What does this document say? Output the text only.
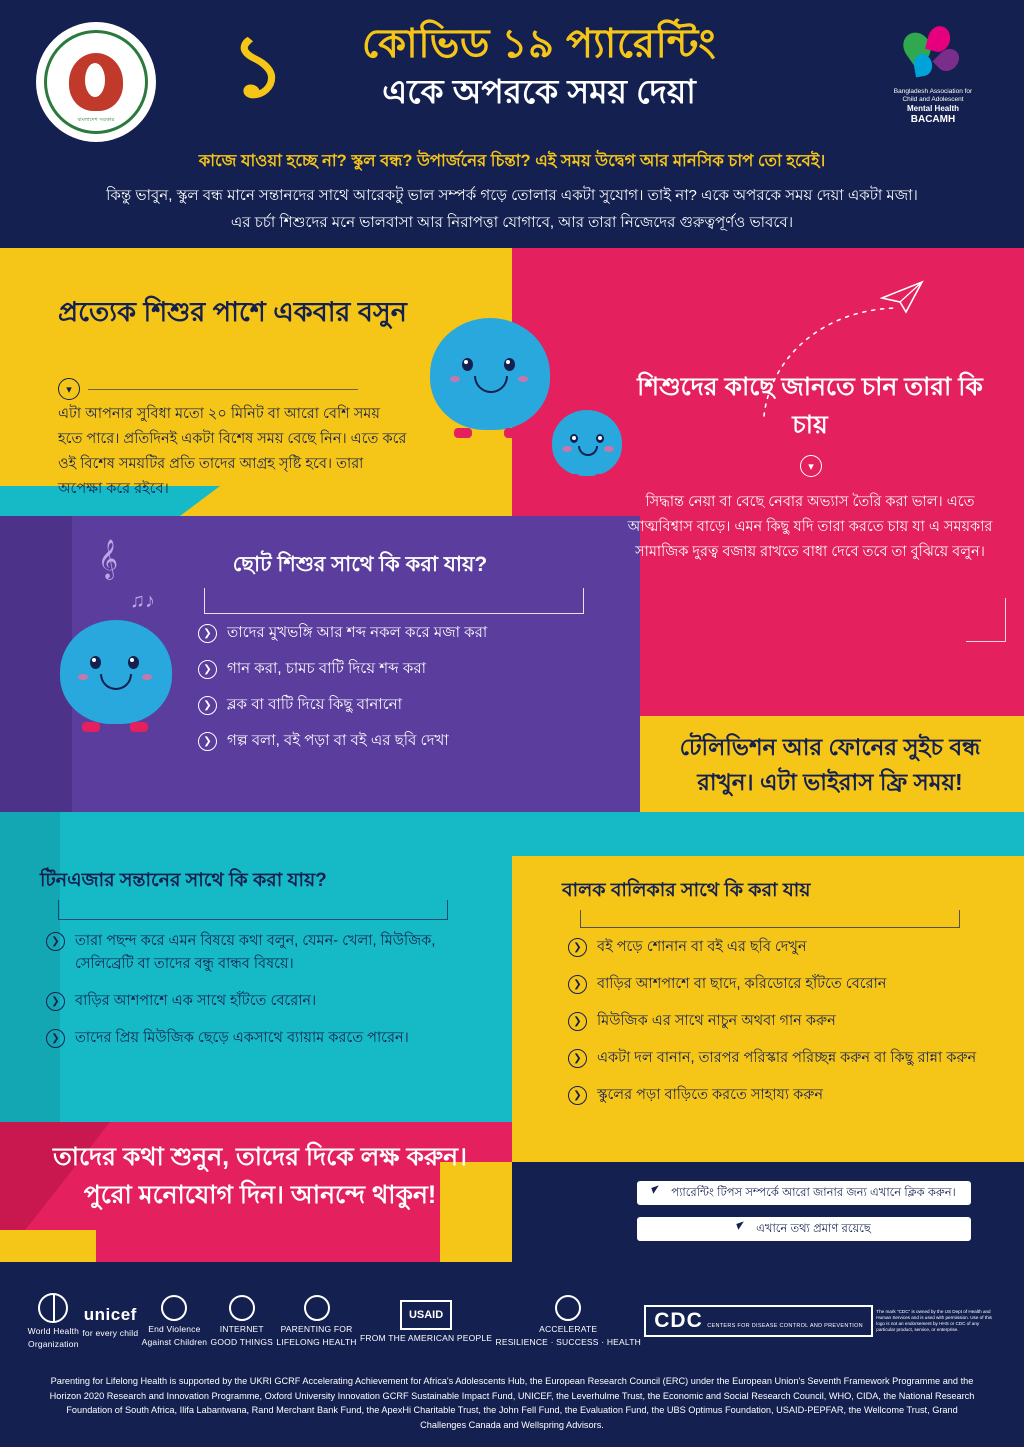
বাংলাদেশ সরকার
১	কোভিড ১৯ প্যারেন্টিং
একে অপরকে সময় দেয়া	Bangladesh Association for
Child and Adolescent
Mental Health
BACAMH
কাজে যাওয়া হচ্ছে না? স্কুল বন্ধ? উপার্জনের চিন্তা? এই সময় উদ্বেগ আর মানসিক চাপ তো হবেই।
কিন্তু ভাবুন, স্কুল বন্ধ মানে সন্তানদের সাথে আরেকটু ভাল সম্পর্ক গড়ে তোলার একটা সুযোগ। তাই না? একে অপরকে সময় দেয়া একটা মজা। এর চর্চা শিশুদের মনে ভালবাসা আর নিরাপত্তা যোগাবে, আর তারা নিজেদের গুরুত্বপূর্ণও ভাববে।
প্রত্যেক শিশুর পাশে একবার বসুন
▾
এটা আপনার সুবিধা মতো ২০ মিনিট বা আরো বেশি সময় হতে পারে। প্রতিদিনই একটা বিশেষ সময় বেছে নিন। এতে করে ওই বিশেষ সময়টির প্রতি তাদের আগ্রহ সৃষ্টি হবে। তারা অপেক্ষা করে রইবে।
শিশুদের কাছে জানতে চান তারা কি চায়
▾
সিদ্ধান্ত নেয়া বা বেছে নেবার অভ্যাস তৈরি করা ভাল। এতে আত্মবিশ্বাস বাড়ে। এমন কিছু যদি তারা করতে চায় যা এ সময়কার সামাজিক দুরত্ব বজায় রাখতে বাধা দেবে তবে তা বুঝিয়ে বলুন।
𝄞
♫♪
ছোট শিশুর সাথে কি করা যায়?
❯	তাদের মুখভঙ্গি আর শব্দ নকল করে মজা করা
❯	গান করা, চামচ বাটি দিয়ে শব্দ করা
❯	ব্লক বা বাটি দিয়ে কিছু বানানো
❯	গল্প বলা, বই পড়া বা বই এর ছবি দেখা
টিনএজার সন্তানের সাথে কি করা যায়?
❯	তারা পছন্দ করে এমন বিষয়ে কথা বলুন, যেমন- খেলা, মিউজিক, সেলিব্রেটি বা তাদের বন্ধু বান্ধব বিষয়ে।
❯	বাড়ির আশপাশে এক সাথে হাঁটতে বেরোন।
❯	তাদের প্রিয় মিউজিক ছেড়ে একসাথে ব্যায়াম করতে পারেন।
টেলিভিশন আর ফোনের সুইচ বন্ধ রাখুন। এটা ভাইরাস ফ্রি সময়!
বালক বালিকার সাথে কি করা যায়
❯	বই পড়ে শোনান বা বই এর ছবি দেখুন
❯	বাড়ির আশপাশে বা ছাদে, করিডোরে হাঁটতে বেরোন
❯	মিউজিক এর সাথে নাচুন অথবা গান করুন
❯	একটা দল বানান, তারপর পরিস্কার পরিচ্ছন্ন করুন বা কিছু রান্না করুন
❯	স্কুলের পড়া বাড়িতে করতে সাহায্য করুন
তাদের কথা শুনুন, তাদের দিকে লক্ষ করুন। পুরো মনোযোগ দিন। আনন্দে থাকুন!	প্যারেন্টিং টিপস সম্পর্কে আরো জানার জন্য এখানে ক্লিক করুন।
এখানে তথ্য প্রমাণ রয়েছে
World Health
Organization
unicef
for every child End Violence
Against Children
INTERNET
GOOD THINGS
PARENTING FOR
LIFELONG HEALTH
USAID
FROM THE AMERICAN PEOPLE
ACCELERATE
RESILIENCE · SUCCESS · HEALTH
CDC CENTERS FOR DISEASE CONTROL AND PREVENTION
The mark "CDC" is owned by the US Dept of Health and Human Services and is used with permission. Use of this logo is not an endorsement by HHS or CDC of any particular product, service, or enterprise.
Parenting for Lifelong Health is supported by the UKRI GCRF Accelerating Achievement for Africa's Adolescents Hub, the European Research Council (ERC) under the European Union's Seventh Framework Programme and the Horizon 2020 Research and Innovation Programme, Oxford University Innovation GCRF Sustainable Impact Fund, UNICEF, the Leverhulme Trust, the Economic and Social Research Council, WHO, CIDA, the National Research Foundation of South Africa, Ilifa Labantwana, Rand Merchant Bank Fund, the ApexHi Charitable Trust, the John Fell Fund, the Evaluation Fund, the UBS Optimus Foundation, USAID-PEPFAR, the Wellcome Trust, Grand Challenges Canada and Wellspring Advisors.
